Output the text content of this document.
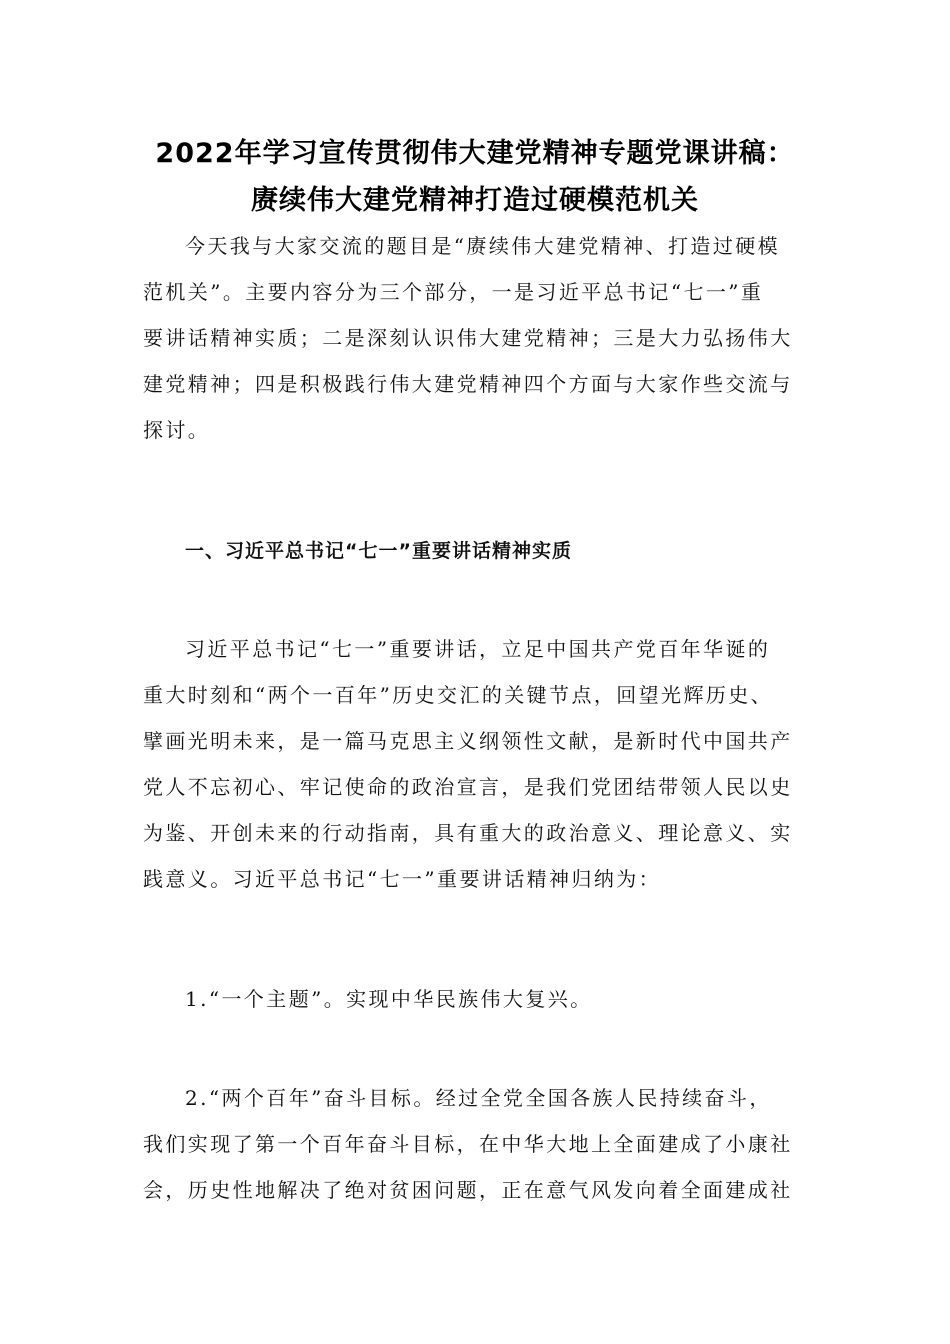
2022年学习宣传贯彻伟大建党精神专题党课讲稿：
赓续伟大建党精神打造过硬模范机关
今天我与大家交流的题目是“赓续伟大建党精神、打造过硬模
范机关”。主要内容分为三个部分，一是习近平总书记“七一”重
要讲话精神实质；二是深刻认识伟大建党精神；三是大力弘扬伟大
建党精神；四是积极践行伟大建党精神四个方面与大家作些交流与
探讨。
一、习近平总书记“七一”重要讲话精神实质
习近平总书记“七一”重要讲话，立足中国共产党百年华诞的
重大时刻和“两个一百年”历史交汇的关键节点，回望光辉历史、
擘画光明未来，是一篇马克思主义纲领性文献，是新时代中国共产
党人不忘初心、牢记使命的政治宣言，是我们党团结带领人民以史
为鉴、开创未来的行动指南，具有重大的政治意义、理论意义、实
践意义。习近平总书记“七一”重要讲话精神归纳为：
1.“一个主题”。实现中华民族伟大复兴。
2.“两个百年”奋斗目标。经过全党全国各族人民持续奋斗，
我们实现了第一个百年奋斗目标，在中华大地上全面建成了小康社
会，历史性地解决了绝对贫困问题，正在意气风发向着全面建成社
